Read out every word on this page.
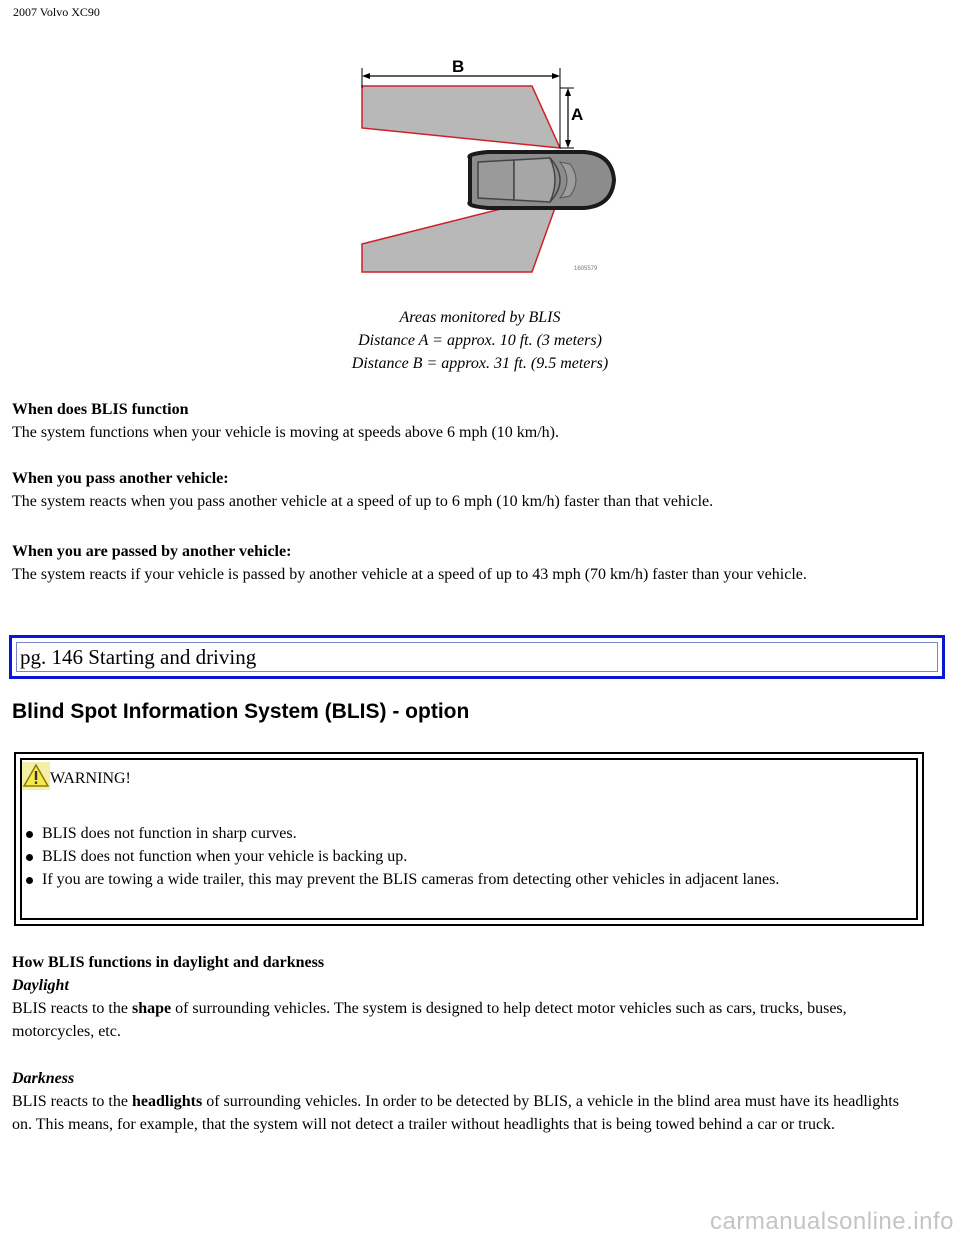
2007 Volvo XC90
B
A
1605579
Areas monitored by BLIS
Distance A = approx. 10 ft. (3 meters)
Distance B = approx. 31 ft. (9.5 meters)
When does BLIS function
The system functions when your vehicle is moving at speeds above 6 mph (10 km/h).
When you pass another vehicle:
The system reacts when you pass another vehicle at a speed of up to 6 mph (10 km/h) faster than that vehicle.
When you are passed by another vehicle:
The system reacts if your vehicle is passed by another vehicle at a speed of up to 43 mph (70 km/h) faster than your vehicle.
pg. 146 Starting and driving
Blind Spot Information System (BLIS) - option
WARNING!
BLIS does not function in sharp curves.
BLIS does not function when your vehicle is backing up.
If you are towing a wide trailer, this may prevent the BLIS cameras from detecting other vehicles in adjacent lanes.
How BLIS functions in daylight and darkness
Daylight
BLIS reacts to the shape of surrounding vehicles. The system is designed to help detect motor vehicles such as cars, trucks, buses, motorcycles, etc.
Darkness
BLIS reacts to the headlights of surrounding vehicles. In order to be detected by BLIS, a vehicle in the blind area must have its headlights on. This means, for example, that the system will not detect a trailer without headlights that is being towed behind a car or truck.
carmanualsonline.info
